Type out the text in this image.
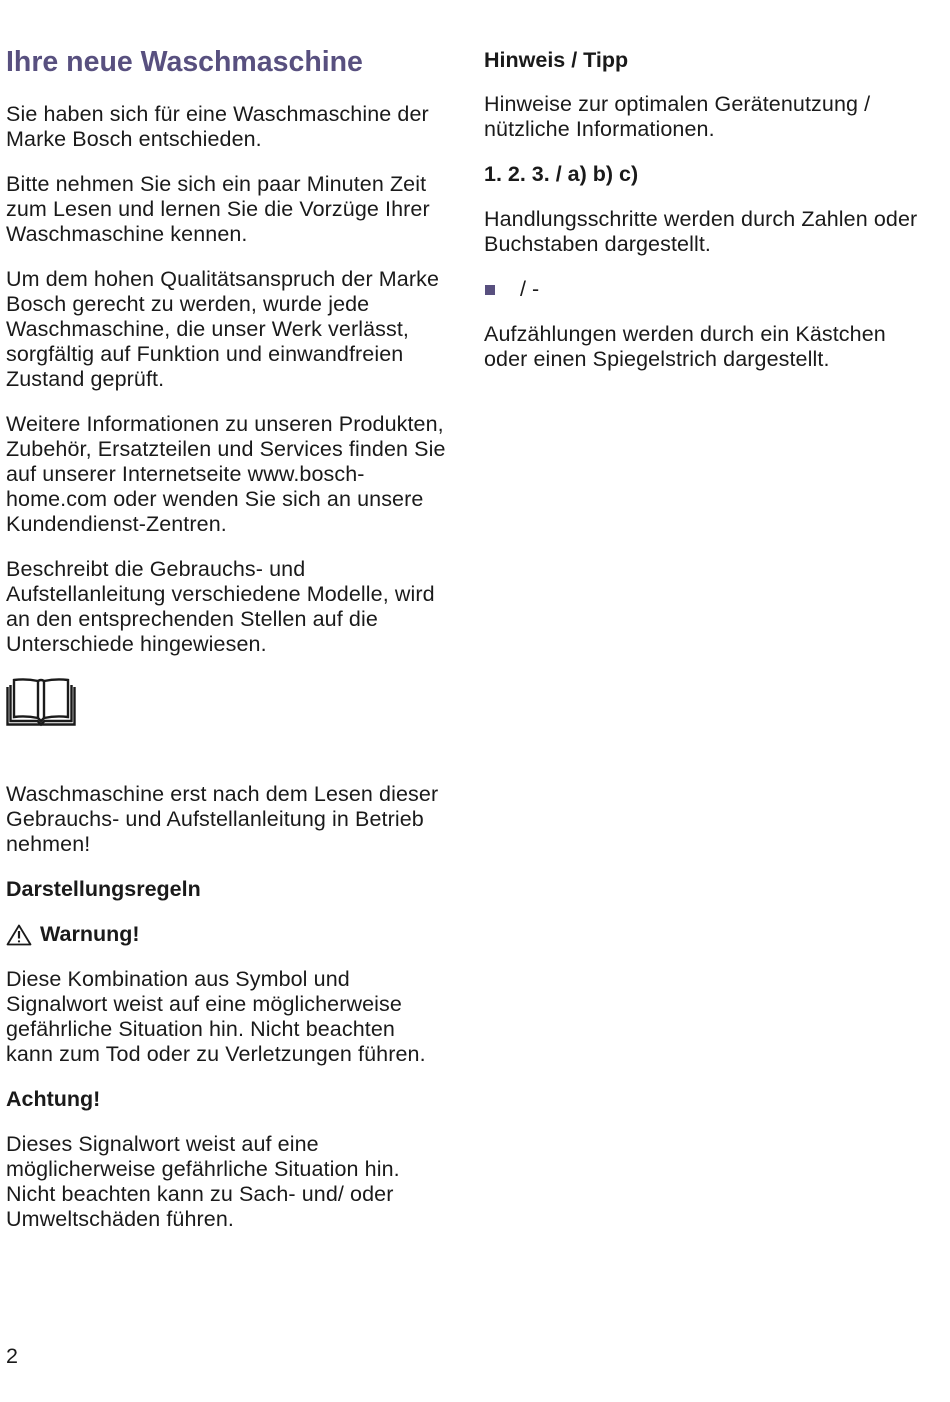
Ihre neue Waschmaschine

Sie haben sich für eine Waschmaschine der Marke Bosch entschieden.

Bitte nehmen Sie sich ein paar Minuten Zeit zum Lesen und lernen Sie die Vorzüge Ihrer Waschmaschine kennen.

Um dem hohen Qualitätsanspruch der Marke Bosch gerecht zu werden, wurde jede Waschmaschine, die unser Werk verlässt, sorgfältig auf Funktion und einwandfreien Zustand geprüft.

Weitere Informationen zu unseren Produkten, Zubehör, Ersatzteilen und Services finden Sie auf unserer Internetseite www.bosch-home.com oder wenden Sie sich an unsere Kundendienst-Zentren.

Beschreibt die Gebrauchs- und Aufstellanleitung verschiedene Modelle, wird an den entsprechenden Stellen auf die Unterschiede hingewiesen.

Waschmaschine erst nach dem Lesen dieser Gebrauchs- und Aufstellanleitung in Betrieb nehmen!

Darstellungsregeln
Warnung!

Diese Kombination aus Symbol und Signalwort weist auf eine möglicherweise gefährliche Situation hin. Nicht beachten kann zum Tod oder zu Verletzungen führen.

Achtung!

Dieses Signalwort weist auf eine möglicherweise gefährliche Situation hin. Nicht beachten kann zu Sach- und/ oder Umweltschäden führen.

Hinweis / Tipp

Hinweise zur optimalen Gerätenutzung / nützliche Informationen.

1. 2. 3. / a) b) c)

Handlungsschritte werden durch Zahlen oder Buchstaben dargestellt.

/ -

Aufzählungen werden durch ein Kästchen oder einen Spiegelstrich dargestellt.

2
